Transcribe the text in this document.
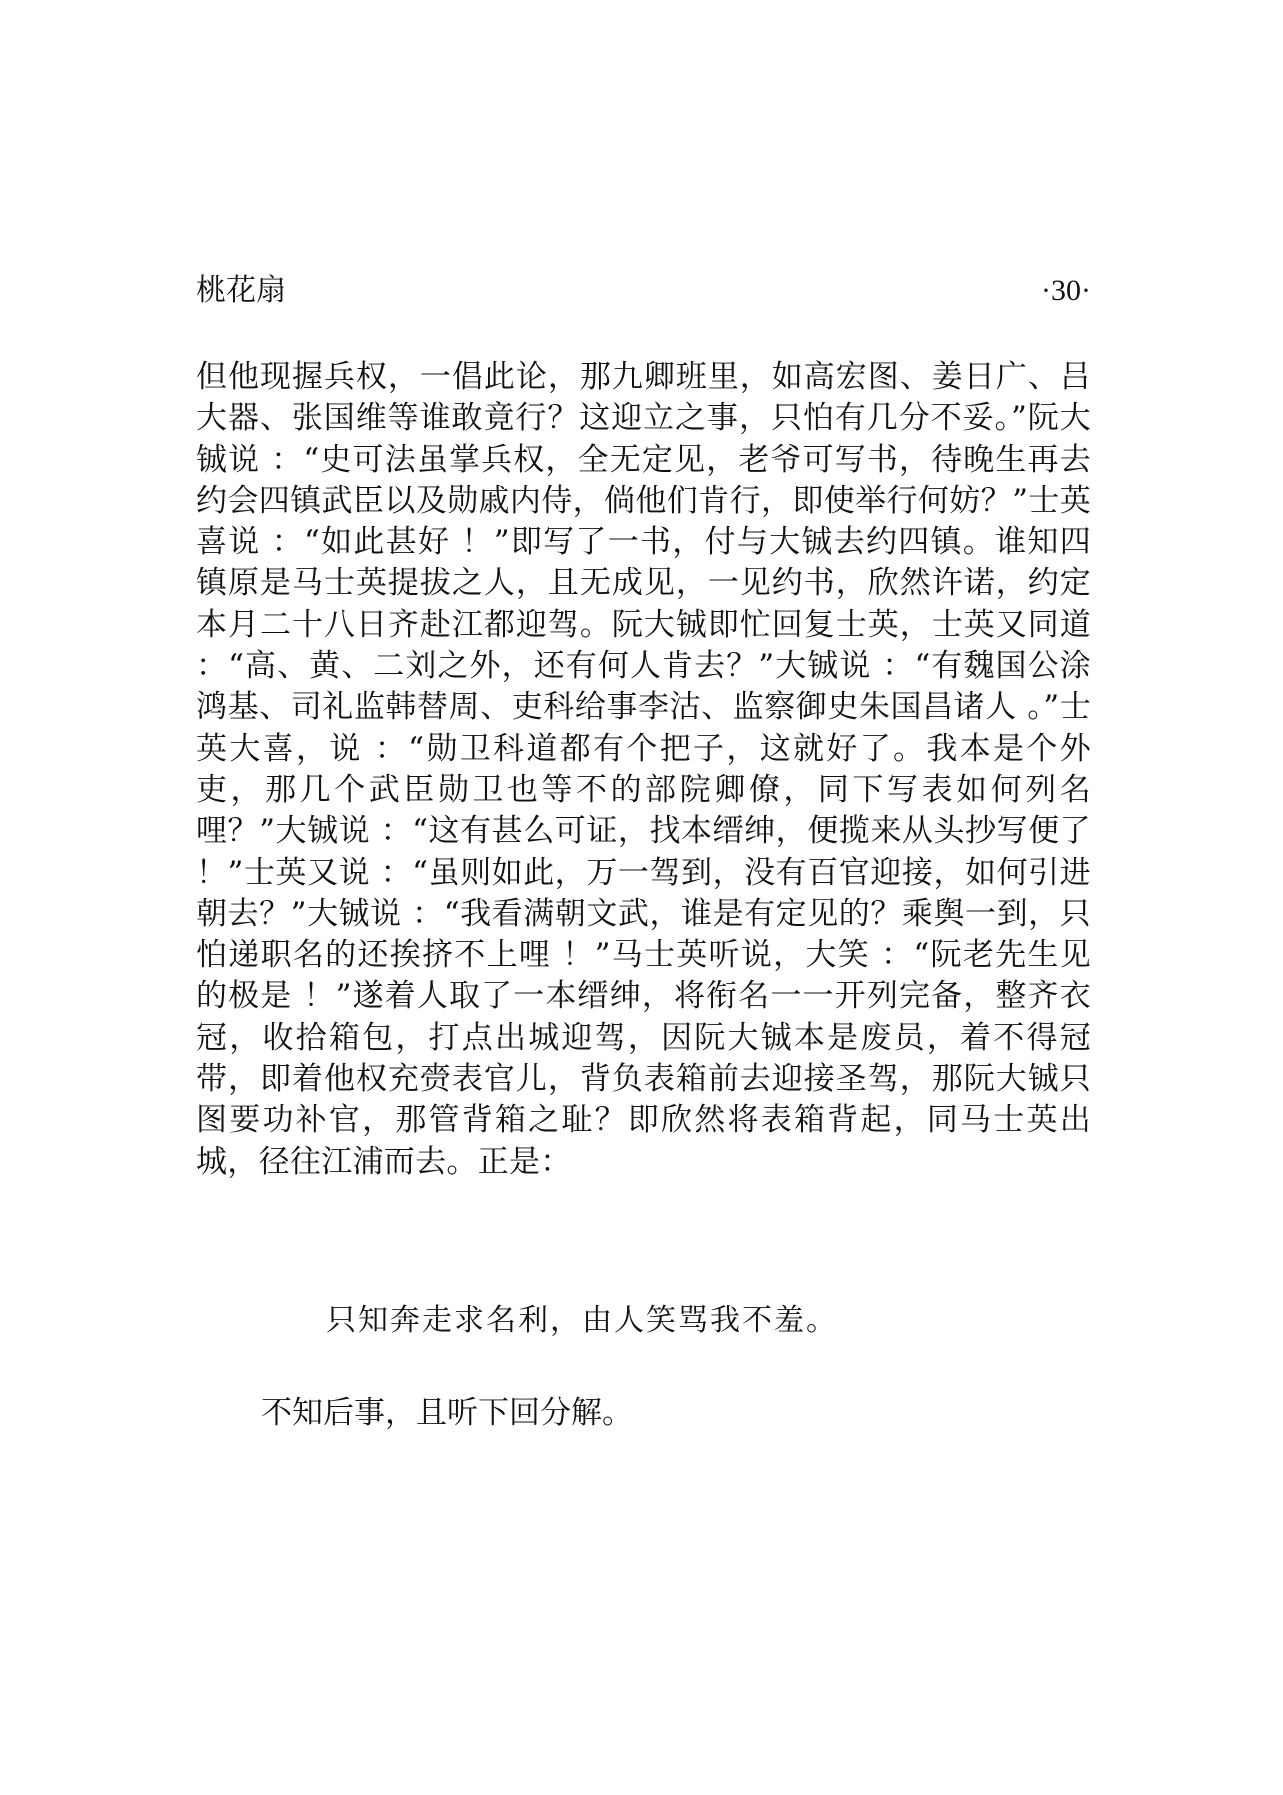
桃花扇	·30·

但他现握兵权，一倡此论，那九卿班里，如高宏图、姜日广、吕大器、张国维等谁敢竟行？这迎立之事，只怕有几分不妥。”阮大铖说 ：“史可法虽掌兵权，全无定见，老爷可写书，待晚生再去约会四镇武臣以及勋戚内侍，倘他们肯行，即使举行何妨？”士英喜说 ：“如此甚好 ！”即写了一书，付与大铖去约四镇。谁知四镇原是马士英提拔之人，且无成见，一见约书，欣然许诺，约定本月二十八日齐赴江都迎驾。阮大铖即忙回复士英，士英又同道 ：“高、黄、二刘之外，还有何人肯去？”大铖说 ：“有魏国公涂鸿基、司礼监韩替周、吏科给事李沽、监察御史朱国昌诸人 。”士英大喜，说 ：“勋卫科道都有个把子，这就好了。我本是个外吏，那几个武臣勋卫也等不的部院卿僚，同下写表如何列名哩？”大铖说 ：“这有甚么可证，找本缙绅，便揽来从头抄写便了 ！”士英又说 ：“虽则如此，万一驾到，没有百官迎接，如何引进朝去？”大铖说 ：“我看满朝文武，谁是有定见的？乘舆一到，只怕递职名的还挨挤不上哩 ！”马士英听说，大笑 ：“阮老先生见的极是 ！”遂着人取了一本缙绅，将衔名一一开列完备，整齐衣冠，收拾箱包，打点出城迎驾，因阮大铖本是废员，着不得冠带，即着他权充赍表官儿，背负表箱前去迎接圣驾，那阮大铖只图要功补官，那管背箱之耻？即欣然将表箱背起，同马士英出城，径往江浦而去。正是：

只知奔走求名利，由人笑骂我不羞。

不知后事，且听下回分解。
